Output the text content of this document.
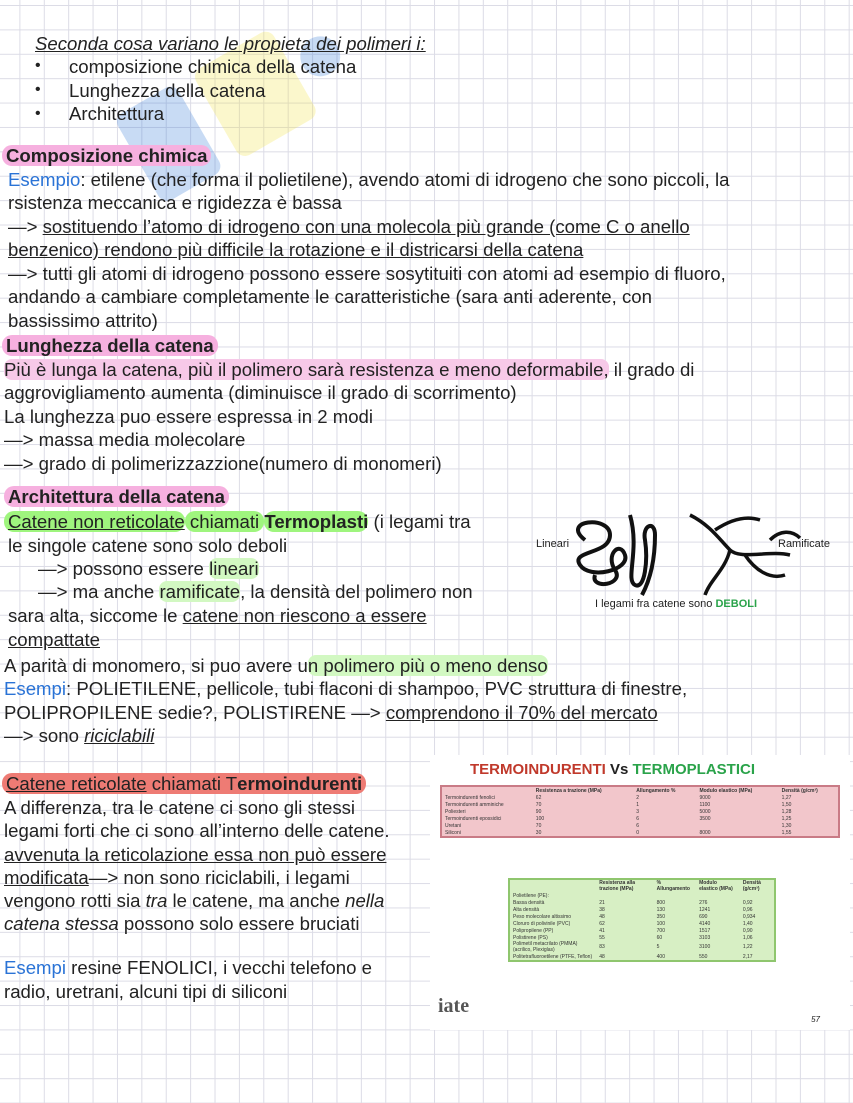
Seconda cosa variano le propieta dei polimeri i:
• composizione chimica della catena
• Lunghezza della catena
• Architettura
Composizione chimica
Esempio: etilene (che forma il polietilene), avendo atomi di idrogeno che sono piccoli, la
rsistenza meccanica e rigidezza è bassa
—> sostituendo l’atomo di idrogeno con una molecola più grande (come C o anello
benzenico) rendono più difficile la rotazione e il districarsi della catena
—> tutti gli atomi di idrogeno possono essere sosytituiti con atomi ad esempio di fluoro,
andando a cambiare completamente le caratteristiche (sara anti aderente, con
bassissimo attrito)
Lunghezza della catena
Più è lunga la catena, più il polimero sarà resistenza e meno deformabile, il grado di
aggrovigliamento aumenta (diminuisce il grado di scorrimento)
La lunghezza puo essere espressa in 2 modi
—> massa media molecolare
—> grado di polimerizzazzione(numero di monomeri)
Architettura della catena
Catene non reticolate chiamati Termoplasti (i legami tra
le singole catene sono solo deboli
—> possono essere lineari
—> ma anche ramificate, la densità del polimero non
sara alta, siccome le catene non riescono a essere
compattate
A parità di monomero, si puo avere un polimero più o meno denso
Esempi: POLIETILENE, pellicole, tubi flaconi di shampoo, PVC struttura di finestre,
POLIPROPILENE sedie?, POLISTIRENE —> comprendono il 70% del mercato
—> sono riciclabili
Lineari	Ramificate
I legami fra catene sono DEBOLI
Catene reticolate chiamati Termoindurenti
A differenza, tra le catene ci sono gli stessi
legami forti che ci sono all’interno delle catene.
avvenuta la reticolazione essa non può essere
modificata—> non sono riciclabili, i legami
vengono rotti sia tra le catene, ma anche nella
catena stessa possono solo essere bruciati
Esempi resine FENOLICI, i vecchi telefono e
radio, uretrani, alcuni tipi di siliconi
TERMOINDURENTI Vs TERMOPLASTICI
	Resistenza a trazione (MPa)	Allungamento %	Modulo elastico (MPa)	Densità (g/cm³)
Termoindurenti fenolici	62	2	9000	1,27
Termoindurenti amminiche	70	1	1100	1,50
Poliesteri	90	3	5000	1,28
Termoindurenti epossidici	100	6	3500	1,25
Uretani	70	6		1,30
Siliconi	30	0	8000	1,55
	Resistenza alla trazione (MPa)	% Allungamento	Modulo elastico (MPa)	Densità (g/cm³)
Polietilene (PE):				
Bassa densità	21	800	276	0,92
Alta densità	38	130	1241	0,96
Peso molecolare altissimo	48	350	690	0,934
Cloruro di polivinile (PVC)	62	100	4140	1,40
Polipropilene (PP)	41	700	1517	0,90
Polistirene (PS)	55	60	3103	1,06
Polimetil metacrilato (PMMA) (acrilico, Plexiglas)	83	5	3100	1,22
Politetrafluoroetilene (PTFE, Teflon)	48	400	550	2,17
iate
57
